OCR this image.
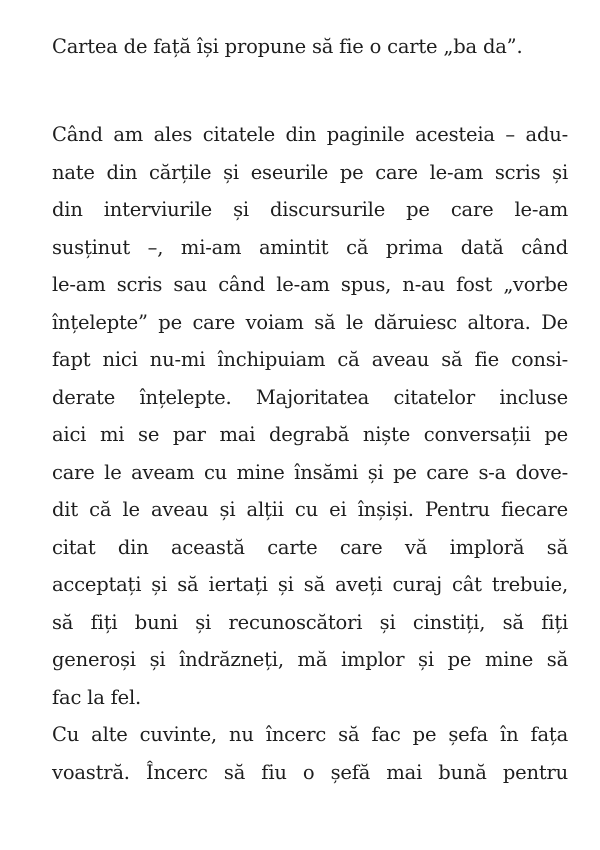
Cartea de față își propune să fie o carte „ba da”.
Când am ales citatele din paginile acesteia – adu-
nate din cărțile și eseurile pe care le-am scris și
din interviurile și discursurile pe care le-am
susținut –, mi-am amintit că prima dată când
le-am scris sau când le-am spus, n-au fost „vorbe
înțelepte” pe care voiam să le dăruiesc altora. De
fapt nici nu-mi închipuiam că aveau să fie consi-
derate înțelepte. Majoritatea citatelor incluse
aici mi se par mai degrabă niște conversații pe
care le aveam cu mine însămi și pe care s-a dove-
dit că le aveau și alții cu ei înșiși. Pentru fiecare
citat din această carte care vă imploră să
acceptați și să iertați și să aveți curaj cât trebuie,
să fiți buni și recunoscători și cinstiți, să fiți
generoși și îndrăzneți, mă implor și pe mine să
fac la fel.
Cu alte cuvinte, nu încerc să fac pe șefa în fața
voastră. Încerc să fiu o șefă mai bună pentru
